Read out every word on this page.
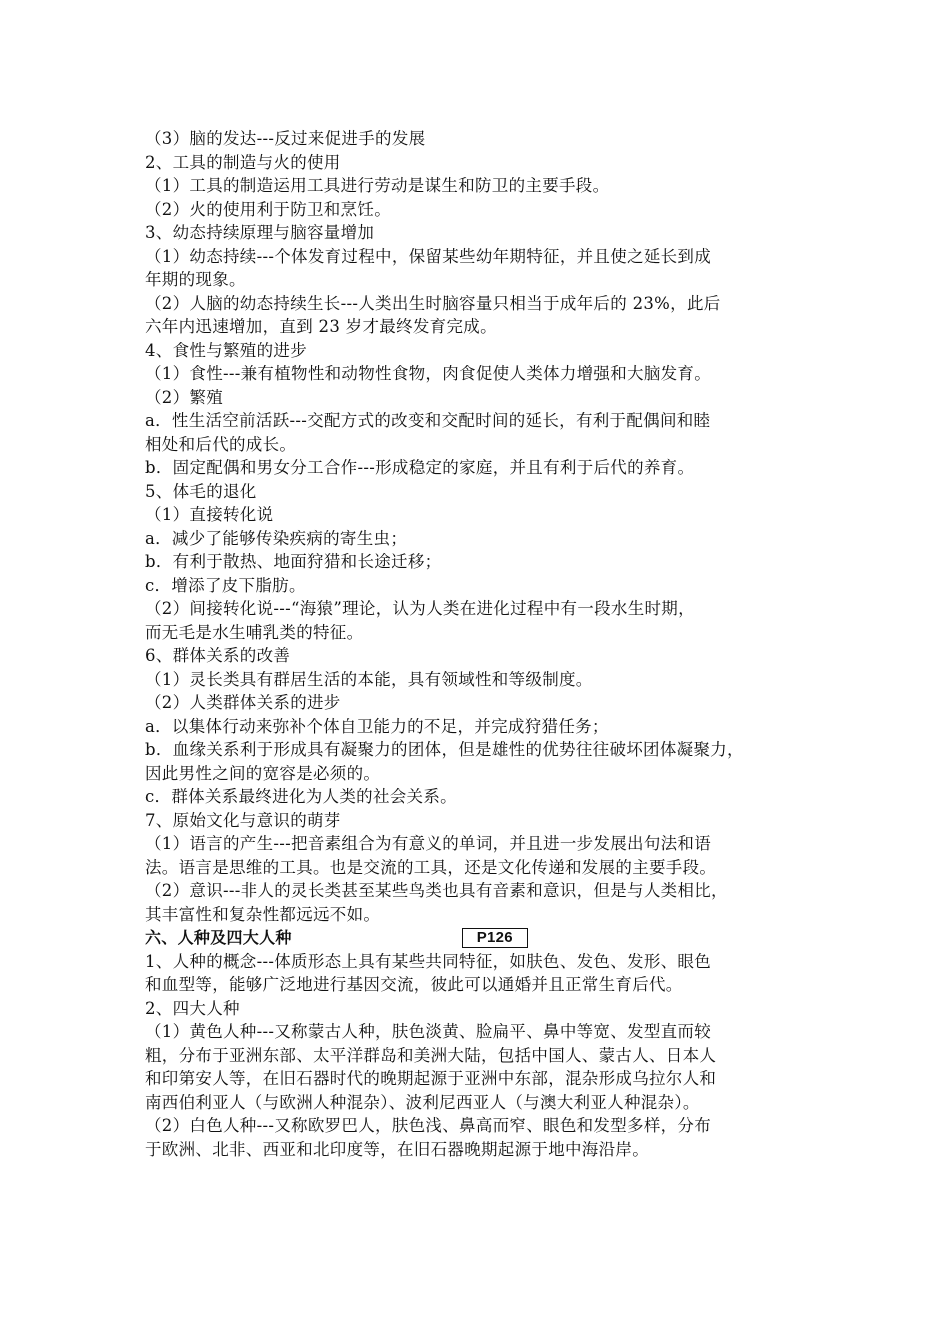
（3）脑的发达---反过来促进手的发展
2、工具的制造与火的使用
（1）工具的制造运用工具进行劳动是谋生和防卫的主要手段。
（2）火的使用利于防卫和烹饪。
3、幼态持续原理与脑容量增加
（1）幼态持续---个体发育过程中，保留某些幼年期特征，并且使之延长到成
年期的现象。
（2）人脑的幼态持续生长---人类出生时脑容量只相当于成年后的 23%，此后
六年内迅速增加，直到 23 岁才最终发育完成。
4、食性与繁殖的进步
（1）食性---兼有植物性和动物性食物，肉食促使人类体力增强和大脑发育。
（2）繁殖
a．性生活空前活跃---交配方式的改变和交配时间的延长，有利于配偶间和睦
相处和后代的成长。
b．固定配偶和男女分工合作---形成稳定的家庭，并且有利于后代的养育。
5、体毛的退化
（1）直接转化说
a．减少了能够传染疾病的寄生虫；
b．有利于散热、地面狩猎和长途迁移；
c．增添了皮下脂肪。
（2）间接转化说---“海猿”理论，认为人类在进化过程中有一段水生时期，
而无毛是水生哺乳类的特征。
6、群体关系的改善
（1）灵长类具有群居生活的本能，具有领域性和等级制度。
（2）人类群体关系的进步
a．以集体行动来弥补个体自卫能力的不足，并完成狩猎任务；
b．血缘关系利于形成具有凝聚力的团体，但是雄性的优势往往破坏团体凝聚力，
因此男性之间的宽容是必须的。
c．群体关系最终进化为人类的社会关系。
7、原始文化与意识的萌芽
（1）语言的产生---把音素组合为有意义的单词，并且进一步发展出句法和语
法。语言是思维的工具。也是交流的工具，还是文化传递和发展的主要手段。
（2）意识---非人的灵长类甚至某些鸟类也具有音素和意识，但是与人类相比，
其丰富性和复杂性都远远不如。
六、人种及四大人种	P126
1、人种的概念---体质形态上具有某些共同特征，如肤色、发色、发形、眼色
和血型等，能够广泛地进行基因交流，彼此可以通婚并且正常生育后代。
2、四大人种
（1）黄色人种---又称蒙古人种，肤色淡黄、脸扁平、鼻中等宽、发型直而较
粗，分布于亚洲东部、太平洋群岛和美洲大陆，包括中国人、蒙古人、日本人
和印第安人等，在旧石器时代的晚期起源于亚洲中东部，混杂形成乌拉尔人和
南西伯利亚人（与欧洲人种混杂）、波利尼西亚人（与澳大利亚人种混杂）。
（2）白色人种---又称欧罗巴人，肤色浅、鼻高而窄、眼色和发型多样，分布
于欧洲、北非、西亚和北印度等，在旧石器晚期起源于地中海沿岸。
